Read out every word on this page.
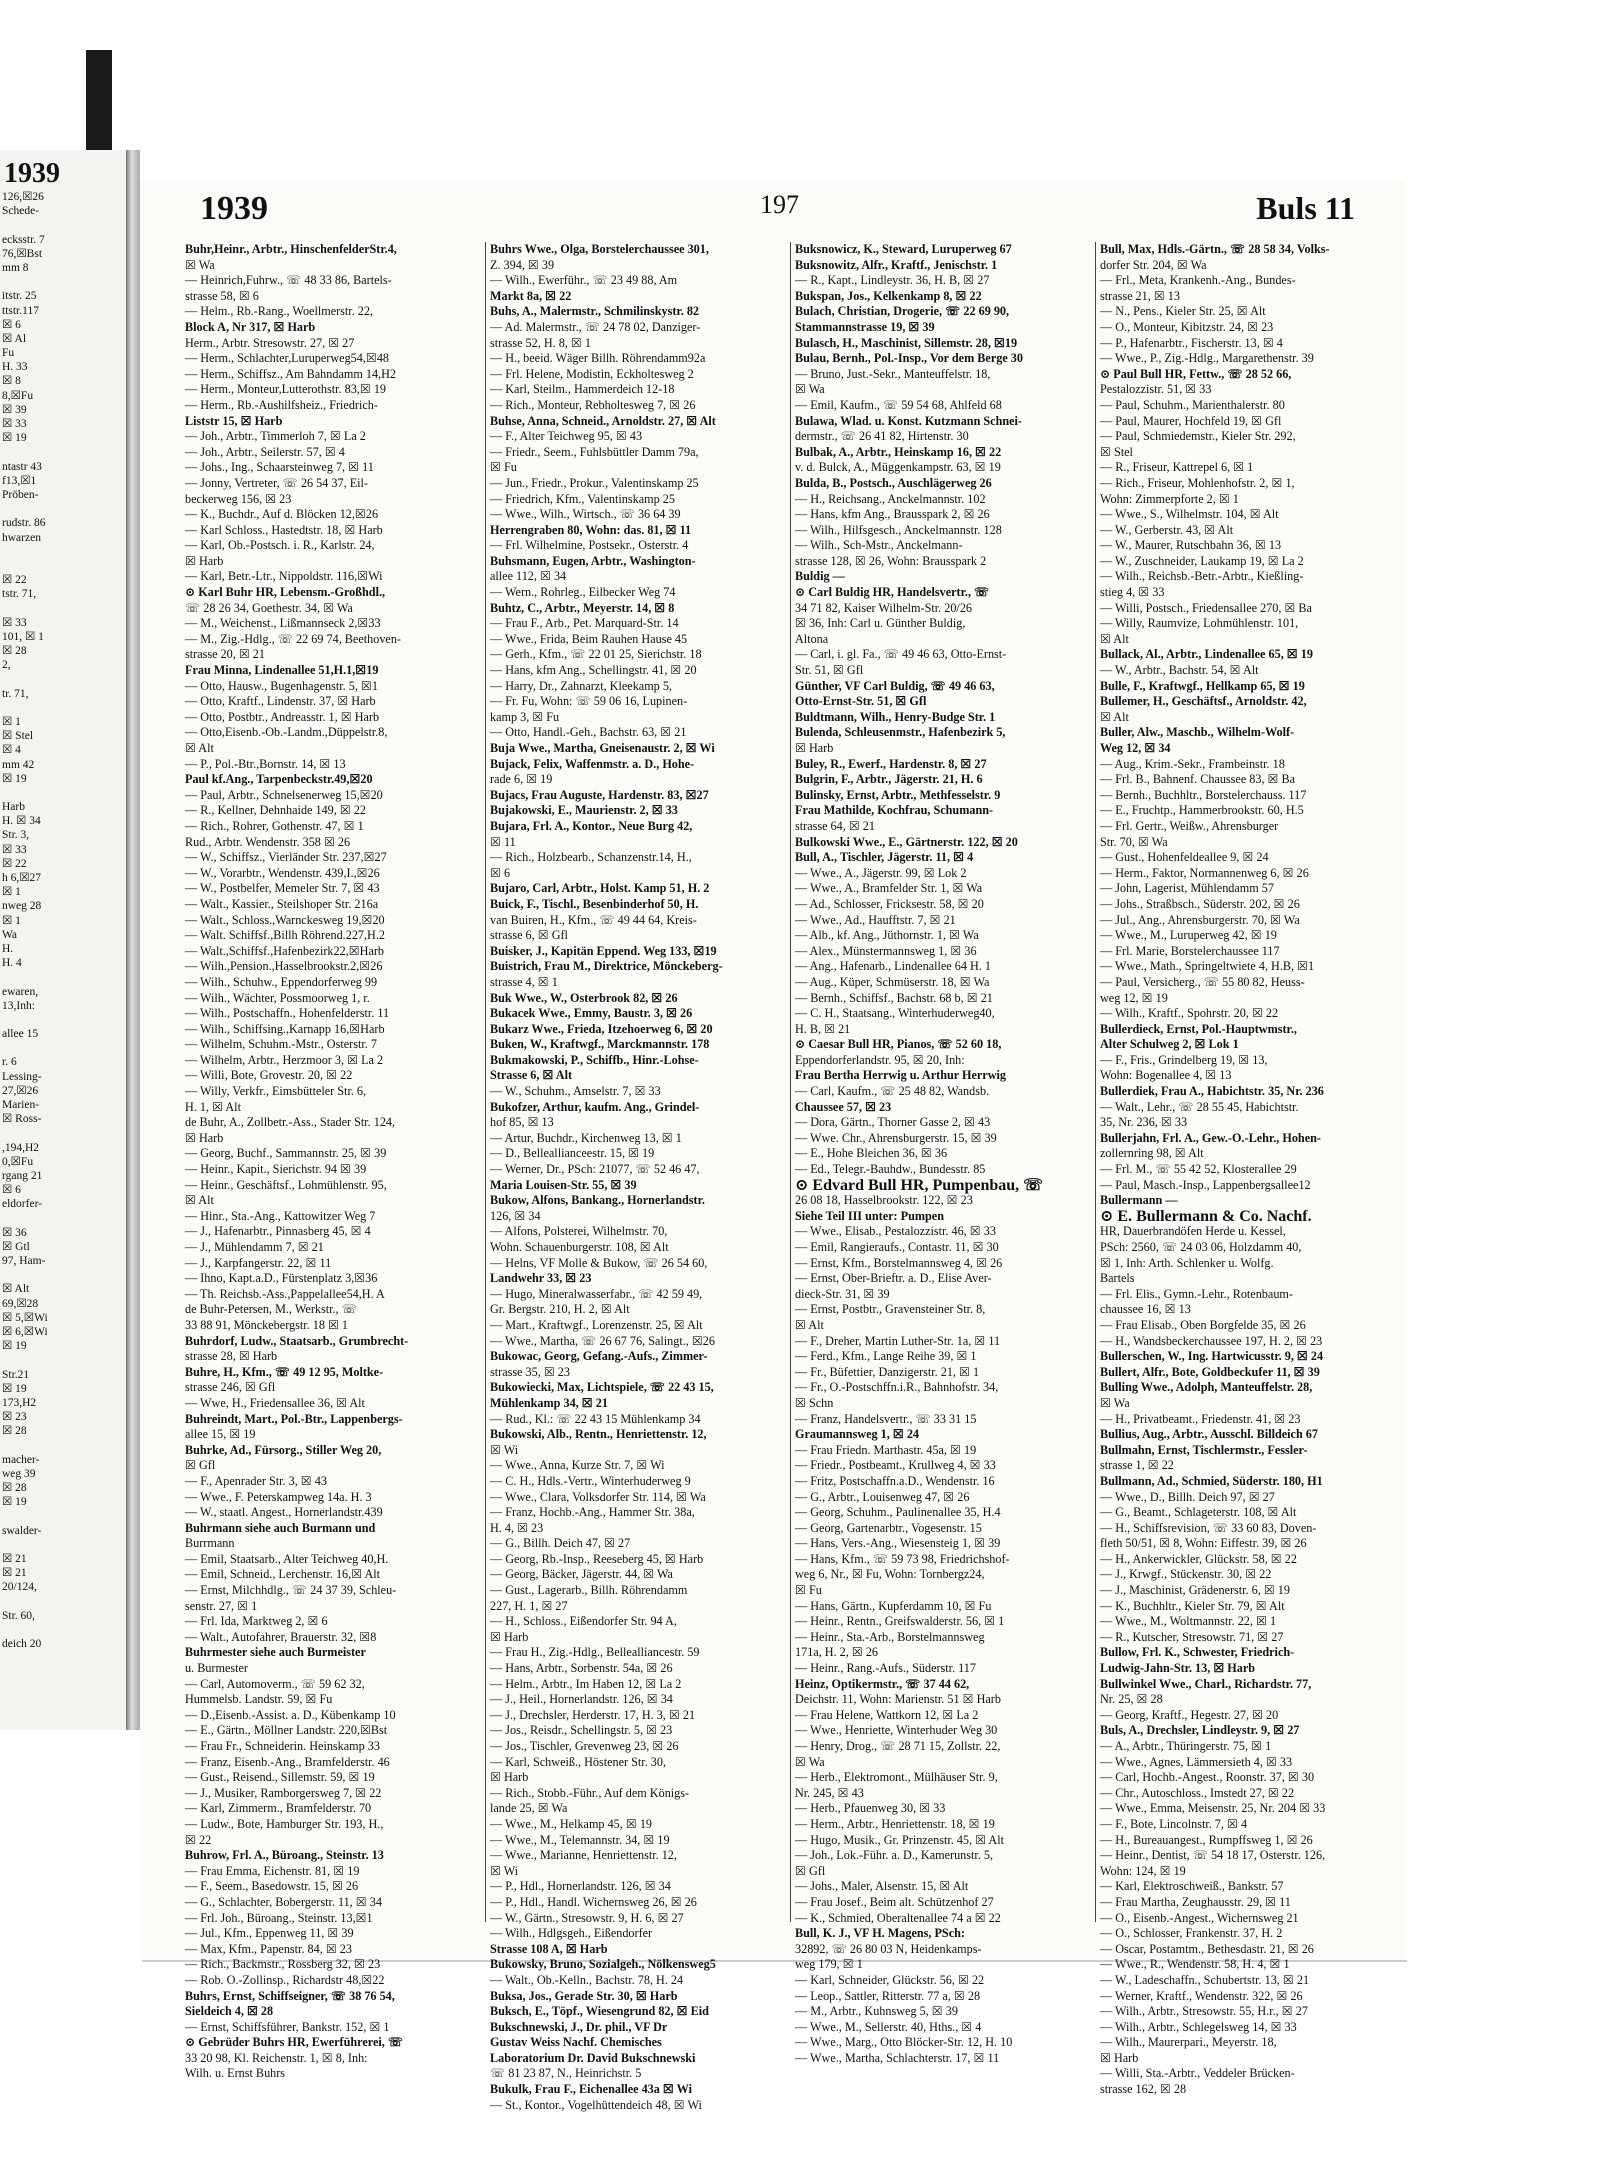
1939
126,☒26
Schede-
ecksstr. 7
76,☒Bst
mm 8
itstr. 25
ttstr.117
☒ 6
☒ Al
Fu
H. 33
☒ 8
8,☒Fu
☒ 39
☒ 33
☒ 19
ntastr 43
f13,☒1
Pröben-
rudstr. 86
hwarzen
☒ 22
tstr. 71,
☒ 33
101, ☒ 1
☒ 28
2,
tr. 71,
☒ 1
☒ Stel
☒ 4
mm 42
☒ 19
Harb
H. ☒ 34
Str. 3,
☒ 33
☒ 22
h 6,☒27
☒ 1
nweg 28
☒ 1
Wa
H.
H. 4
ewaren,
13,Inh:
allee 15
r. 6
Lessing-
27,☒26
Marien-
☒ Ross-
,194,H2
0,☒Fu
rgang 21
☒ 6
eldorfer-
☒ 36
☒ Gtl
97, Ham-
☒ Alt
69,☒28
☒ 5,☒Wi
☒ 6,☒Wi
☒ 19
Str.21
☒ 19
173,H2
☒ 23
☒ 28
macher-
weg 39
☒ 28
☒ 19
swalder-
☒ 21
☒ 21
20/124,
Str. 60,
deich 20
1939	197	Buls 11
Buhr,Heinr., Arbtr., HinschenfelderStr.4,
☒ Wa
— Heinrich,Fuhrw., ☏ 48 33 86, Bartels-
strasse 58, ☒ 6
— Helm., Rb.-Rang., Woellmerstr. 22,
Block A, Nr 317, ☒ Harb
Herm., Arbtr. Stresowstr. 27, ☒ 27
— Herm., Schlachter,Luruperweg54,☒48
— Herm., Schiffsz., Am Bahndamm 14,H2
— Herm., Monteur,Lutterothstr. 83,☒ 19
— Herm., Rb.-Aushilfsheiz., Friedrich-
Liststr 15, ☒ Harb
— Joh., Arbtr., Timmerloh 7, ☒ La 2
— Joh., Arbtr., Seilerstr. 57, ☒ 4
— Johs., Ing., Schaarsteinweg 7, ☒ 11
— Jonny, Vertreter, ☏ 26 54 37, Eil-
beckerweg 156, ☒ 23
— K., Buchdr., Auf d. Blöcken 12,☒26
— Karl Schloss., Hastedtstr. 18, ☒ Harb
— Karl, Ob.-Postsch. i. R., Karlstr. 24,
☒ Harb
— Karl, Betr.-Ltr., Nippoldstr. 116,☒Wi
⊙ Karl Buhr HR, Lebensm.-Großhdl.,
☏ 28 26 34, Goethestr. 34, ☒ Wa
— M., Weichenst., Lißmannseck 2,☒33
— M., Zig.-Hdlg., ☏ 22 69 74, Beethoven-
strasse 20, ☒ 21
Frau Minna, Lindenallee 51,H.1,☒19
— Otto, Hausw., Bugenhagenstr. 5, ☒1
— Otto, Kraftf., Lindenstr. 37, ☒ Harb
— Otto, Postbtr., Andreasstr. 1, ☒ Harb
— Otto,Eisenb.-Ob.-Landm.,Düppelstr.8,
☒ Alt
— P., Pol.-Btr.,Bornstr. 14, ☒ 13
Paul kf.Ang., Tarpenbeckstr.49,☒20
— Paul, Arbtr., Schnelsenerweg 15,☒20
— R., Kellner, Dehnhaide 149, ☒ 22
— Rich., Rohrer, Gothenstr. 47, ☒ 1
Rud., Arbtr. Wendenstr. 358 ☒ 26
— W., Schiffsz., Vierländer Str. 237,☒27
— W., Vorarbtr., Wendenstr. 439,I.,☒26
— W., Postbelfer, Memeler Str. 7, ☒ 43
— Walt., Kassier., Steilshoper Str. 216a
— Walt., Schloss.,Warnckesweg 19,☒20
— Walt. Schiffsf.,Billh Röhrend.227,H.2
— Walt.,Schiffsf.,Hafenbezirk22,☒Harb
— Wilh.,Pension.,Hasselbrookstr.2,☒26
— Wilh., Schuhw., Eppendorferweg 99
— Wilh., Wächter, Possmoorweg 1, r.
— Wilh., Postschaffn., Hohenfelderstr. 11
— Wilh., Schiffsing.,Karnapp 16,☒Harb
— Wilhelm, Schuhm.-Mstr., Osterstr. 7
— Wilhelm, Arbtr., Herzmoor 3, ☒ La 2
— Willi, Bote, Grovestr. 20, ☒ 22
— Willy, Verkfr., Eimsbütteler Str. 6,
H. 1, ☒ Alt
de Buhr, A., Zollbetr.-Ass., Stader Str. 124,
☒ Harb
— Georg, Buchf., Sammannstr. 25, ☒ 39
— Heinr., Kapit., Sierichstr. 94 ☒ 39
— Heinr., Geschäftsf., Lohmühlenstr. 95,
☒ Alt
— Hinr., Sta.-Ang., Kattowitzer Weg 7
— J., Hafenarbtr., Pinnasberg 45, ☒ 4
— J., Mühlendamm 7, ☒ 21
— J., Karpfangerstr. 22, ☒ 11
— Ihno, Kapt.a.D., Fürstenplatz 3,☒36
— Th. Reichsb.-Ass.,Pappelallee54,H. A
de Buhr-Petersen, M., Werkstr., ☏
33 88 91, Mönckebergstr. 18 ☒ 1
Buhrdorf, Ludw., Staatsarb., Grumbrecht-
strasse 28, ☒ Harb
Buhre, H., Kfm., ☏ 49 12 95, Moltke-
strasse 246, ☒ Gfl
— Wwe, H., Friedensallee 36, ☒ Alt
Buhreindt, Mart., Pol.-Btr., Lappenbergs-
allee 15, ☒ 19
Buhrke, Ad., Fürsorg., Stiller Weg 20,
☒ Gfl
— F., Apenrader Str. 3, ☒ 43
— Wwe., F. Peterskampweg 14a. H. 3
— W., staatl. Angest., Hornerlandstr.439
Buhrmann siehe auch Burmann und
Burrmann
— Emil, Staatsarb., Alter Teichweg 40,H.
— Emil, Schneid., Lerchenstr. 16,☒ Alt
— Ernst, Milchhdlg., ☏ 24 37 39, Schleu-
senstr. 27, ☒ 1
— Frl. Ida, Marktweg 2, ☒ 6
— Walt., Autofahrer, Brauerstr. 32, ☒8
Buhrmester siehe auch Burmeister
u. Burmester
— Carl, Automoverm., ☏ 59 62 32,
Hummelsb. Landstr. 59, ☒ Fu
— D.,Eisenb.-Assist. a. D., Kübenkamp 10
— E., Gärtn., Möllner Landstr. 220,☒Bst
— Frau Fr., Schneiderin. Heinskamp 33
— Franz, Eisenb.-Ang., Bramfelderstr. 46
— Gust., Reisend., Sillemstr. 59, ☒ 19
— J., Musiker, Ramborgersweg 7, ☒ 22
— Karl, Zimmerm., Bramfelderstr. 70
— Ludw., Bote, Hamburger Str. 193, H.,
☒ 22
Buhrow, Frl. A., Büroang., Steinstr. 13
— Frau Emma, Eichenstr. 81, ☒ 19
— F., Seem., Basedowstr. 15, ☒ 26
— G., Schlachter, Bobergerstr. 11, ☒ 34
— Frl. Joh., Büroang., Steinstr. 13,☒1
— Jul., Kfm., Eppenweg 11, ☒ 39
— Max, Kfm., Papenstr. 84, ☒ 23
— Rich., Backmstr., Rossberg 32, ☒ 23
— Rob. O.-Zollinsp., Richardstr 48,☒22
Buhrs, Ernst, Schiffseigner, ☏ 38 76 54,
Sieldeich 4, ☒ 28
— Ernst, Schiffsführer, Bankstr. 152, ☒ 1
⊙ Gebrüder Buhrs HR, Ewerführerei, ☏
33 20 98, Kl. Reichenstr. 1, ☒ 8, Inh:
Wilh. u. Ernst Buhrs
Buhrs Wwe., Olga, Borstelerchaussee 301,
Z. 394, ☒ 39
— Wilh., Ewerführ., ☏ 23 49 88, Am
Markt 8a, ☒ 22
Buhs, A., Malermstr., Schmilinskystr. 82
— Ad. Malermstr., ☏ 24 78 02, Danziger-
strasse 52, H. 8, ☒ 1
— H., beeid. Wäger Billh. Röhrendamm92a
— Frl. Helene, Modistin, Eckholtesweg 2
— Karl, Steilm., Hammerdeich 12-18
— Rich., Monteur, Rebholtesweg 7, ☒ 26
Buhse, Anna, Schneid., Arnoldstr. 27, ☒ Alt
— F., Alter Teichweg 95, ☒ 43
— Friedr., Seem., Fuhlsbüttler Damm 79a,
☒ Fu
— Jun., Friedr., Prokur., Valentinskamp 25
— Friedrich, Kfm., Valentinskamp 25
— Wwe., Wilh., Wirtsch., ☏ 36 64 39
Herrengraben 80, Wohn: das. 81, ☒ 11
— Frl. Wilhelmine, Postsekr., Osterstr. 4
Buhsmann, Eugen, Arbtr., Washington-
allee 112, ☒ 34
— Wern., Rohrleg., Eilbecker Weg 74
Buhtz, C., Arbtr., Meyerstr. 14, ☒ 8
— Frau F., Arb., Pet. Marquard-Str. 14
— Wwe., Frida, Beim Rauhen Hause 45
— Gerh., Kfm., ☏ 22 01 25, Sierichstr. 18
— Hans, kfm Ang., Schellingstr. 41, ☒ 20
— Harry, Dr., Zahnarzt, Kleekamp 5,
— Fr. Fu, Wohn: ☏ 59 06 16, Lupinen-
kamp 3, ☒ Fu
— Otto, Handl.-Geh., Bachstr. 63, ☒ 21
Buja Wwe., Martha, Gneisenaustr. 2, ☒ Wi
Bujack, Felix, Waffenmstr. a. D., Hohe-
rade 6, ☒ 19
Bujacs, Frau Auguste, Hardenstr. 83, ☒27
Bujakowski, E., Maurienstr. 2, ☒ 33
Bujara, Frl. A., Kontor., Neue Burg 42,
☒ 11
— Rich., Holzbearb., Schanzenstr.14, H.,
☒ 6
Bujaro, Carl, Arbtr., Holst. Kamp 51, H. 2
Buick, F., Tischl., Besenbinderhof 50, H.
van Buiren, H., Kfm., ☏ 49 44 64, Kreis-
strasse 6, ☒ Gfl
Buisker, J., Kapitän Eppend. Weg 133, ☒19
Buistrich, Frau M., Direktrice, Mönckeberg-
strasse 4, ☒ 1
Buk Wwe., W., Osterbrook 82, ☒ 26
Bukacek Wwe., Emmy, Baustr. 3, ☒ 26
Bukarz Wwe., Frieda, Itzehoerweg 6, ☒ 20
Buken, W., Kraftwgf., Marckmannstr. 178
Bukmakowski, P., Schiffb., Hinr.-Lohse-
Strasse 6, ☒ Alt
— W., Schuhm., Amselstr. 7, ☒ 33
Bukofzer, Arthur, kaufm. Ang., Grindel-
hof 85, ☒ 13
— Artur, Buchdr., Kirchenweg 13, ☒ 1
— D., Belleallianceestr. 15, ☒ 19
— Werner, Dr., PSch: 21077, ☏ 52 46 47,
Maria Louisen-Str. 55, ☒ 39
Bukow, Alfons, Bankang., Hornerlandstr.
126, ☒ 34
— Alfons, Polsterei, Wilhelmstr. 70,
Wohn. Schauenburgerstr. 108, ☒ Alt
— Helns, VF Molle & Bukow, ☏ 26 54 60,
Landwehr 33, ☒ 23
— Hugo, Mineralwasserfabr., ☏ 42 59 49,
Gr. Bergstr. 210, H. 2, ☒ Alt
— Mart., Kraftwgf., Lorenzenstr. 25, ☒ Alt
— Wwe., Martha, ☏ 26 67 76, Salingt., ☒26
Bukowac, Georg, Gefang.-Aufs., Zimmer-
strasse 35, ☒ 23
Bukowiecki, Max, Lichtspiele, ☏ 22 43 15,
Mühlenkamp 34, ☒ 21
— Rud., Kl.: ☏ 22 43 15 Mühlenkamp 34
Bukowski, Alb., Rentn., Henriettenstr. 12,
☒ Wi
— Wwe., Anna, Kurze Str. 7, ☒ Wi
— C. H., Hdls.-Vertr., Winterhuderweg 9
— Wwe., Clara, Volksdorfer Str. 114, ☒ Wa
— Franz, Hochb.-Ang., Hammer Str. 38a,
H. 4, ☒ 23
— G., Billh. Deich 47, ☒ 27
— Georg, Rb.-Insp., Reeseberg 45, ☒ Harb
— Georg, Bäcker, Jägerstr. 44, ☒ Wa
— Gust., Lagerarb., Billh. Röhrendamm
227, H. 1, ☒ 27
— H., Schloss., Eißendorfer Str. 94 A,
☒ Harb
— Frau H., Zig.-Hdlg., Bellealliancestr. 59
— Hans, Arbtr., Sorbenstr. 54a, ☒ 26
— Helm., Arbtr., Im Haben 12, ☒ La 2
— J., Heil., Hornerlandstr. 126, ☒ 34
— J., Drechsler, Herderstr. 17, H. 3, ☒ 21
— Jos., Reisdr., Schellingstr. 5, ☒ 23
— Jos., Tischler, Grevenweg 23, ☒ 26
— Karl, Schweiß., Höstener Str. 30,
☒ Harb
— Rich., Stobb.-Führ., Auf dem Königs-
lande 25, ☒ Wa
— Wwe., M., Helkamp 45, ☒ 19
— Wwe., M., Telemannstr. 34, ☒ 19
— Wwe., Marianne, Henriettenstr. 12,
☒ Wi
— P., Hdl., Hornerlandstr. 126, ☒ 34
— P., Hdl., Handl. Wichernsweg 26, ☒ 26
— W., Gärtn., Stresowstr. 9, H. 6, ☒ 27
— Wilh., Hdlgsgeh., Eißendorfer
Strasse 108 A, ☒ Harb
Bukowsky, Bruno, Sozialgeh., Nölkensweg5
— Walt., Ob.-Kelln., Bachstr. 78, H. 24
Buksa, Jos., Gerade Str. 30, ☒ Harb
Buksch, E., Töpf., Wiesengrund 82, ☒ Eid
Bukschnewski, J., Dr. phil., VF Dr
Gustav Weiss Nachf. Chemisches
Laboratorium Dr. David Bukschnewski
☏ 81 23 87, N., Heinrichstr. 5
Bukulk, Frau F., Eichenallee 43a ☒ Wi
— St., Kontor., Vogelhüttendeich 48, ☒ Wi
Buksnowicz, K., Steward, Luruperweg 67
Buksnowitz, Alfr., Kraftf., Jenischstr. 1
— R., Kapt., Lindleystr. 36, H. B, ☒ 27
Bukspan, Jos., Kelkenkamp 8, ☒ 22
Bulach, Christian, Drogerie, ☏ 22 69 90,
Stammannstrasse 19, ☒ 39
Bulasch, H., Maschinist, Sillemstr. 28, ☒19
Bulau, Bernh., Pol.-Insp., Vor dem Berge 30
— Bruno, Just.-Sekr., Manteuffelstr. 18,
☒ Wa
— Emil, Kaufm., ☏ 59 54 68, Ahlfeld 68
Bulawa, Wlad. u. Konst. Kutzmann Schnei-
dermstr., ☏ 26 41 82, Hirtenstr. 30
Bulbak, A., Arbtr., Heinskamp 16, ☒ 22
v. d. Bulck, A., Müggenkampstr. 63, ☒ 19
Bulda, B., Postsch., Auschlägerweg 26
— H., Reichsang., Anckelmannstr. 102
— Hans, kfm Ang., Brausspark 2, ☒ 26
— Wilh., Hilfsgesch., Anckelmannstr. 128
— Wilh., Sch-Mstr., Anckelmann-
strasse 128, ☒ 26, Wohn: Brausspark 2
Buldig —
⊙ Carl Buldig HR, Handelsvertr., ☏
34 71 82, Kaiser Wilhelm-Str. 20/26
☒ 36, Inh: Carl u. Günther Buldig,
Altona
— Carl, i. gl. Fa., ☏ 49 46 63, Otto-Ernst-
Str. 51, ☒ Gfl
Günther, VF Carl Buldig, ☏ 49 46 63,
Otto-Ernst-Str. 51, ☒ Gfl
Buldtmann, Wilh., Henry-Budge Str. 1
Bulenda, Schleusenmstr., Hafenbezirk 5,
☒ Harb
Buley, R., Ewerf., Hardenstr. 8, ☒ 27
Bulgrin, F., Arbtr., Jägerstr. 21, H. 6
Bulinsky, Ernst, Arbtr., Methfesselstr. 9
Frau Mathilde, Kochfrau, Schumann-
strasse 64, ☒ 21
Bulkowski Wwe., E., Gärtnerstr. 122, ☒ 20
Bull, A., Tischler, Jägerstr. 11, ☒ 4
— Wwe., A., Jägerstr. 99, ☒ Lok 2
— Wwe., A., Bramfelder Str. 1, ☒ Wa
— Ad., Schlosser, Fricksestr. 58, ☒ 20
— Wwe., Ad., Haufftstr. 7, ☒ 21
— Alb., kf. Ang., Jüthornstr. 1, ☒ Wa
— Alex., Münstermannsweg 1, ☒ 36
— Ang., Hafenarb., Lindenallee 64 H. 1
— Aug., Küper, Schmüserstr. 18, ☒ Wa
— Bernh., Schiffsf., Bachstr. 68 b, ☒ 21
— C. H., Staatsang., Winterhuderweg40,
H. B, ☒ 21
⊙ Caesar Bull HR, Pianos, ☏ 52 60 18,
Eppendorferlandstr. 95, ☒ 20, Inh:
Frau Bertha Herrwig u. Arthur Herrwig
— Carl, Kaufm., ☏ 25 48 82, Wandsb.
Chaussee 57, ☒ 23
— Dora, Gärtn., Thorner Gasse 2, ☒ 43
— Wwe. Chr., Ahrensburgerstr. 15, ☒ 39
— E., Hohe Bleichen 36, ☒ 36
— Ed., Telegr.-Bauhdw., Bundesstr. 85
⊙ Edvard Bull HR, Pumpenbau, ☏
26 08 18, Hasselbrookstr. 122, ☒ 23
Siehe Teil III unter: Pumpen
— Wwe., Elisab., Pestalozzistr. 46, ☒ 33
— Emil, Rangieraufs., Contastr. 11, ☒ 30
— Ernst, Kfm., Borstelmannsweg 4, ☒ 26
— Ernst, Ober-Brieftr. a. D., Elise Aver-
dieck-Str. 31, ☒ 39
— Ernst, Postbtr., Gravensteiner Str. 8,
☒ Alt
— F., Dreher, Martin Luther-Str. 1a, ☒ 11
— Ferd., Kfm., Lange Reihe 39, ☒ 1
— Fr., Büfettier, Danzigerstr. 21, ☒ 1
— Fr., O.-Postschffn.i.R., Bahnhofstr. 34,
☒ Schn
— Franz, Handelsvertr., ☏ 33 31 15
Graumannsweg 1, ☒ 24
— Frau Friedn. Marthastr. 45a, ☒ 19
— Friedr., Postbeamt., Krullweg 4, ☒ 33
— Fritz, Postschaffn.a.D., Wendenstr. 16
— G., Arbtr., Louisenweg 47, ☒ 26
— Georg, Schuhm., Paulinenallee 35, H.4
— Georg, Gartenarbtr., Vogesenstr. 15
— Hans, Vers.-Ang., Wiesensteig 1, ☒ 39
— Hans, Kfm., ☏ 59 73 98, Friedrichshof-
weg 6, Nr., ☒ Fu, Wohn: Tornbergz24,
☒ Fu
— Hans, Gärtn., Kupferdamm 10, ☒ Fu
— Heinr., Rentn., Greifswalderstr. 56, ☒ 1
— Heinr., Sta.-Arb., Borstelmannsweg
171a, H. 2, ☒ 26
— Heinr., Rang.-Aufs., Süderstr. 117
Heinz, Optikermstr., ☏ 37 44 62,
Deichstr. 11, Wohn: Marienstr. 51 ☒ Harb
— Frau Helene, Wattkorn 12, ☒ La 2
— Wwe., Henriette, Winterhuder Weg 30
— Henry, Drog., ☏ 28 71 15, Zollstr. 22,
☒ Wa
— Herb., Elektromont., Mülhäuser Str. 9,
Nr. 245, ☒ 43
— Herb., Pfauenweg 30, ☒ 33
— Herm., Arbtr., Henriettenstr. 18, ☒ 19
— Hugo, Musik., Gr. Prinzenstr. 45, ☒ Alt
— Joh., Lok.-Führ. a. D., Kamerunstr. 5,
☒ Gfl
— Johs., Maler, Alsenstr. 15, ☒ Alt
— Frau Josef., Beim alt. Schützenhof 27
— K., Schmied, Oberaltenallee 74 a ☒ 22
Bull, K. J., VF H. Magens, PSch:
32892, ☏ 26 80 03 N, Heidenkamps-
weg 179, ☒ 1
— Karl, Schneider, Glückstr. 56, ☒ 22
— Leop., Sattler, Ritterstr. 77 a, ☒ 28
— M., Arbtr., Kuhnsweg 5, ☒ 39
— Wwe., M., Sellerstr. 40, Hths., ☒ 4
— Wwe., Marg., Otto Blöcker-Str. 12, H. 10
— Wwe., Martha, Schlachterstr. 17, ☒ 11
Bull, Max, Hdls.-Gärtn., ☏ 28 58 34, Volks-
dorfer Str. 204, ☒ Wa
— Frl., Meta, Krankenh.-Ang., Bundes-
strasse 21, ☒ 13
— N., Pens., Kieler Str. 25, ☒ Alt
— O., Monteur, Kibitzstr. 24, ☒ 23
— P., Hafenarbtr., Fischerstr. 13, ☒ 4
— Wwe., P., Zig.-Hdlg., Margarethenstr. 39
⊙ Paul Bull HR, Fettw., ☏ 28 52 66,
Pestalozzistr. 51, ☒ 33
— Paul, Schuhm., Marienthalerstr. 80
— Paul, Maurer, Hochfeld 19, ☒ Gfl
— Paul, Schmiedemstr., Kieler Str. 292,
☒ Stel
— R., Friseur, Kattrepel 6, ☒ 1
— Rich., Friseur, Mohlenhofstr. 2, ☒ 1,
Wohn: Zimmerpforte 2, ☒ 1
— Wwe., S., Wilhelmstr. 104, ☒ Alt
— W., Gerberstr. 43, ☒ Alt
— W., Maurer, Rutschbahn 36, ☒ 13
— W., Zuschneider, Laukamp 19, ☒ La 2
— Wilh., Reichsb.-Betr.-Arbtr., Kießling-
stieg 4, ☒ 33
— Willi, Postsch., Friedensallee 270, ☒ Ba
— Willy, Raumvize, Lohmühlenstr. 101,
☒ Alt
Bullack, Al., Arbtr., Lindenallee 65, ☒ 19
— W., Arbtr., Bachstr. 54, ☒ Alt
Bulle, F., Kraftwgf., Hellkamp 65, ☒ 19
Bullemer, H., Geschäftsf., Arnoldstr. 42,
☒ Alt
Buller, Alw., Maschb., Wilhelm-Wolf-
Weg 12, ☒ 34
— Aug., Krim.-Sekr., Frambeinstr. 18
— Frl. B., Bahnenf. Chaussee 83, ☒ Ba
— Bernh., Buchhltr., Borstelerchauss. 117
— E., Fruchtp., Hammerbrookstr. 60, H.5
— Frl. Gertr., Weißw., Ahrensburger
Str. 70, ☒ Wa
— Gust., Hohenfeldeallee 9, ☒ 24
— Herm., Faktor, Normannenweg 6, ☒ 26
— John, Lagerist, Mühlendamm 57
— Johs., Straßbsch., Süderstr. 202, ☒ 26
— Jul., Ang., Ahrensburgerstr. 70, ☒ Wa
— Wwe., M., Luruperweg 42, ☒ 19
— Frl. Marie, Borstelerchaussee 117
— Wwe., Math., Springeltwiete 4, H.B, ☒1
— Paul, Versicherg., ☏ 55 80 82, Heuss-
weg 12, ☒ 19
— Wilh., Kraftf., Spohrstr. 20, ☒ 22
Bullerdieck, Ernst, Pol.-Hauptwmstr.,
Alter Schulweg 2, ☒ Lok 1
— F., Fris., Grindelberg 19, ☒ 13,
Wohn: Bogenallee 4, ☒ 13
Bullerdiek, Frau A., Habichtstr. 35, Nr. 236
— Walt., Lehr., ☏ 28 55 45, Habichtstr.
35, Nr. 236, ☒ 33
Bullerjahn, Frl. A., Gew.-O.-Lehr., Hohen-
zollernring 98, ☒ Alt
— Frl. M., ☏ 55 42 52, Klosterallee 29
— Paul, Masch.-Insp., Lappenbergsallee12
Bullermann —
⊙ E. Bullermann & Co. Nachf.
HR, Dauerbrandöfen Herde u. Kessel,
PSch: 2560, ☏ 24 03 06, Holzdamm 40,
☒ 1, Inh: Arth. Schlenker u. Wolfg.
Bartels
— Frl. Elis., Gymn.-Lehr., Rotenbaum-
chaussee 16, ☒ 13
— Frau Elisab., Oben Borgfelde 35, ☒ 26
— H., Wandsbeckerchaussee 197, H. 2, ☒ 23
Bullerschen, W., Ing. Hartwicusstr. 9, ☒ 24
Bullert, Alfr., Bote, Goldbeckufer 11, ☒ 39
Bulling Wwe., Adolph, Manteuffelstr. 28,
☒ Wa
— H., Privatbeamt., Friedenstr. 41, ☒ 23
Bullius, Aug., Arbtr., Ausschl. Billdeich 67
Bullmahn, Ernst, Tischlermstr., Fessler-
strasse 1, ☒ 22
Bullmann, Ad., Schmied, Süderstr. 180, H1
— Wwe., D., Billh. Deich 97, ☒ 27
— G., Beamt., Schlageterstr. 108, ☒ Alt
— H., Schiffsrevision, ☏ 33 60 83, Doven-
fleth 50/51, ☒ 8, Wohn: Eiffestr. 39, ☒ 26
— H., Ankerwickler, Glückstr. 58, ☒ 22
— J., Krwgf., Stückenstr. 30, ☒ 22
— J., Maschinist, Grädenerstr. 6, ☒ 19
— K., Buchhltr., Kieler Str. 79, ☒ Alt
— Wwe., M., Woltmannstr. 22, ☒ 1
— R., Kutscher, Stresowstr. 71, ☒ 27
Bullow, Frl. K., Schwester, Friedrich-
Ludwig-Jahn-Str. 13, ☒ Harb
Bullwinkel Wwe., Charl., Richardstr. 77,
Nr. 25, ☒ 28
— Georg, Kraftf., Hegestr. 27, ☒ 20
Buls, A., Drechsler, Lindleystr. 9, ☒ 27
— A., Arbtr., Thüringerstr. 75, ☒ 1
— Wwe., Agnes, Lämmersieth 4, ☒ 33
— Carl, Hochb.-Angest., Roonstr. 37, ☒ 30
— Chr., Autoschloss., Imstedt 27, ☒ 22
— Wwe., Emma, Meisenstr. 25, Nr. 204 ☒ 33
— F., Bote, Lincolnstr. 7, ☒ 4
— H., Bureauangest., Rumpffsweg 1, ☒ 26
— Heinr., Dentist, ☏ 54 18 17, Osterstr. 126,
Wohn: 124, ☒ 19
— Karl, Elektroschweiß., Bankstr. 57
— Frau Martha, Zeughausstr. 29, ☒ 11
— O., Eisenb.-Angest., Wichernsweg 21
— O., Schlosser, Frankenstr. 37, H. 2
— Oscar, Postamtm., Bethesdastr. 21, ☒ 26
— Wwe., R., Wendenstr. 58, H. 4, ☒ 1
— W., Ladeschaffn., Schubertstr. 13, ☒ 21
— Werner, Kraftf., Wendenstr. 322, ☒ 26
— Wilh., Arbtr., Stresowstr. 55, H.r., ☒ 27
— Wilh., Arbtr., Schlegelsweg 14, ☒ 33
— Wilh., Maurerpari., Meyerstr. 18,
☒ Harb
— Willi, Sta.-Arbtr., Veddeler Brücken-
strasse 162, ☒ 28
